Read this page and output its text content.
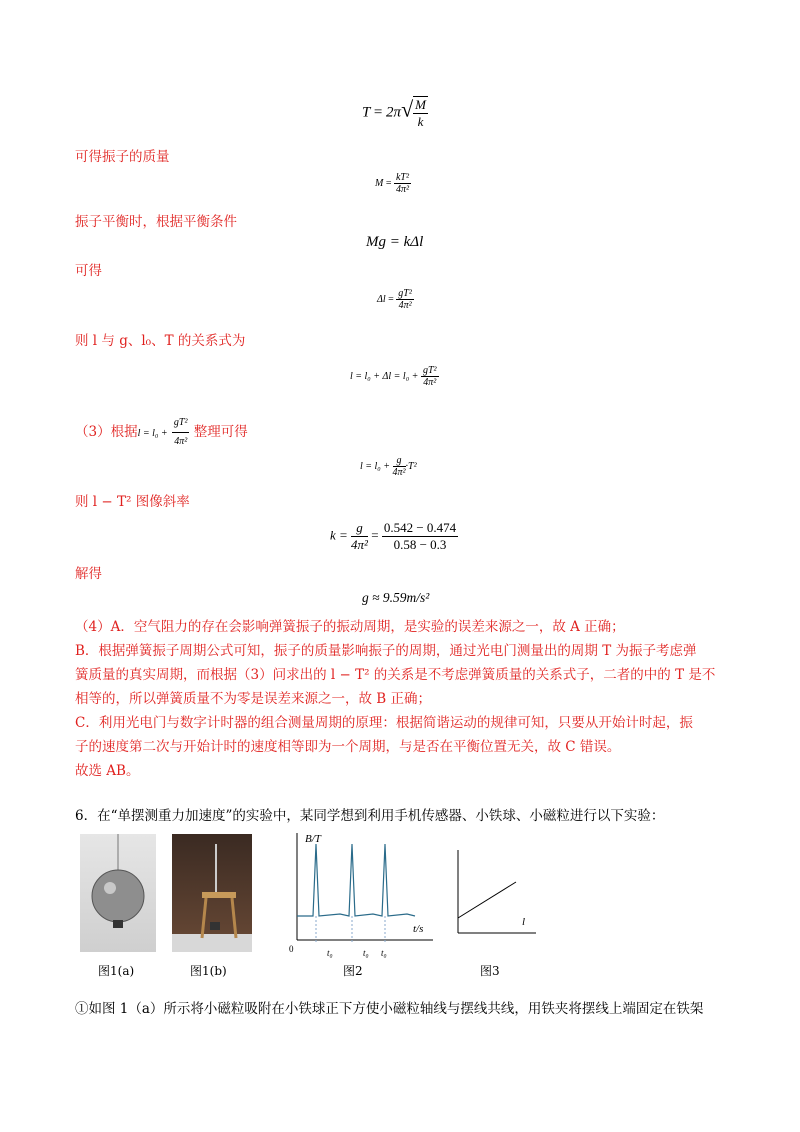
$T = 2\pi√ \frac{M}{k}$
可得振子的质量
$M = \frac{\text{kT²}}{\text{4π²}}$
振子平衡时，根据平衡条件
Mg = kΔl
可得
$\Delta l = \frac{\text{gT²}}{\text{4π²}}$
则 l 与 g、l₀、T 的关系式为
$l = l_0 + \Delta l = l_0 + \frac{\text{gT²}}{\text{4π²}}$
（3）根据$l = l_0 + \frac{\text{gT²}}{\text{4π²}}$ 整理可得
$l = l_0 + \frac{g}{\text{4π²}} \cdot T^2$
则 l − T² 图像斜率
$k = \frac{g}{\text{4π²}} = \frac{0.542 - 0.474}{0.58 - 0.3}$
解得
g ≈ 9.59m/s²
（4）A．空气阻力的存在会影响弹簧振子的振动周期，是实验的误差来源之一，故 A 正确；
B．根据弹簧振子周期公式可知，振子的质量影响振子的周期，通过光电门测量出的周期 T 为振子考虑弹
簧质量的真实周期，而根据（3）问求出的 l − T² 的关系是不考虑弹簧质量的关系式子，二者的中的 T 是不
相等的，所以弹簧质量不为零是误差来源之一，故 B 正确；
C．利用光电门与数字计时器的组合测量周期的原理：根据简谐运动的规律可知，只要从开始计时起，振
子的速度第二次与开始计时的速度相等即为一个周期，与是否在平衡位置无关，故 C 错误。
故选 AB。
6．在“单摆测重力加速度”的实验中，某同学想到利用手机传感器、小铁球、小磁粒进行以下实验：
图1(a)	图1(b)
B/T
t/s
0	t₀	t₀ t₀
图2
l
图3
①如图 1（a）所示将小磁粒吸附在小铁球正下方使小磁粒轴线与摆线共线，用铁夹将摆线上端固定在铁架
